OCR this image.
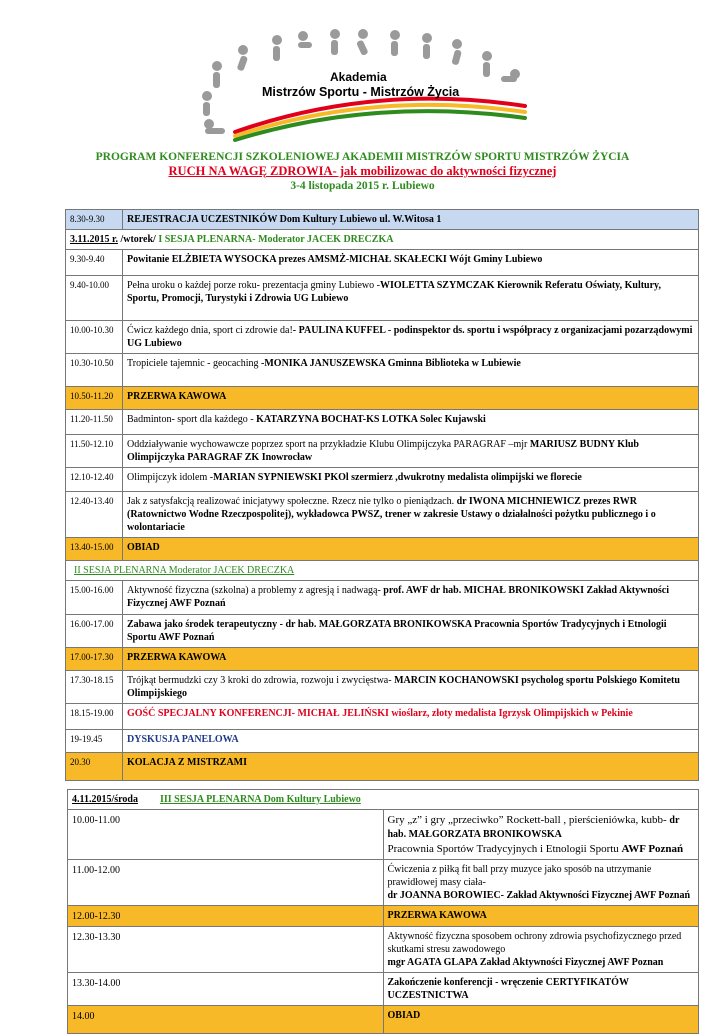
Akademia
Mistrzów Sportu - Mistrzów Życia
PROGRAM KONFERENCJI SZKOLENIOWEJ AKADEMII MISTRZÓW SPORTU MISTRZÓW ŻYCIA
RUCH NA WAGĘ ZDROWIA- jak mobilizowac do aktywności fizycznej
3-4 listopada 2015 r. Lubiewo
8.30-9.30	REJESTRACJA UCZESTNIKÓW Dom Kultury Lubiewo ul. W.Witosa 1
3.11.2015 r. /wtorek/ I SESJA PLENARNA- Moderator JACEK DRECZKA	
9.30-9.40	Powitanie ELŻBIETA WYSOCKA prezes AMSMŻ-MICHAŁ SKAŁECKI Wójt Gminy Lubiewo
9.40-10.00	Pełna uroku o każdej porze roku- prezentacja gminy Lubiewo -WIOLETTA SZYMCZAK Kierownik Referatu Oświaty, Kultury, Sportu, Promocji, Turystyki i Zdrowia UG Lubiewo
10.00-10.30	Ćwicz każdego dnia, sport ci zdrowie da!- PAULINA KUFFEL - podinspektor ds. sportu i współpracy z organizacjami pozarządowymi UG Lubiewo
10.30-10.50	Tropiciele tajemnic - geocaching -MONIKA JANUSZEWSKA Gminna Biblioteka w Lubiewie
10.50-11.20	PRZERWA KAWOWA
11.20-11.50	Badminton- sport dla każdego - KATARZYNA BOCHAT-KS LOTKA Solec Kujawski
11.50-12.10	Oddziaływanie wychowawcze poprzez sport na przykładzie Klubu Olimpijczyka PARAGRAF –mjr MARIUSZ BUDNY Klub Olimpijczyka PARAGRAF ZK Inowrocław
12.10-12.40	Olimpijczyk idolem -MARIAN SYPNIEWSKI PKOl szermierz ,dwukrotny medalista olimpijski we florecie
12.40-13.40	Jak z satysfakcją realizować inicjatywy społeczne. Rzecz nie tylko o pieniądzach. dr IWONA MICHNIEWICZ prezes RWR (Ratownictwo Wodne Rzeczpospolitej), wykładowca PWSZ, trener w zakresie Ustawy o działalności pożytku publicznego i o wolontariacie
13.40-15.00	OBIAD
II SESJA PLENARNA Moderator JACEK DRECZKA	
15.00-16.00	Aktywność fizyczna (szkolna) a problemy z agresją i nadwagą- prof. AWF dr hab. MICHAŁ BRONIKOWSKI Zakład Aktywności Fizycznej AWF Poznań
16.00-17.00	Zabawa jako środek terapeutyczny - dr hab. MAŁGORZATA BRONIKOWSKA Pracownia Sportów Tradycyjnych i Etnologii Sportu AWF Poznań
17.00-17.30	PRZERWA KAWOWA
17.30-18.15	Trójkąt bermudzki czy 3 kroki do zdrowia, rozwoju i zwycięstwa- MARCIN KOCHANOWSKI psycholog sportu Polskiego Komitetu Olimpijskiego
18.15-19.00	GOŚĆ SPECJALNY KONFERENCJI- MICHAŁ JELIŃSKI wioślarz, złoty medalista Igrzysk Olimpijskich w Pekinie
19-19.45	DYSKUSJA PANELOWA
20.30	KOLACJA Z MISTRZAMI
4.11.2015/środa III SESJA PLENARNA Dom Kultury Lubiewo	
10.00-11.00	Gry „z” i gry „przeciwko” Rockett-ball , pierścieniówka, kubb- dr hab. MAŁGORZATA BRONIKOWSKA
Pracownia Sportów Tradycyjnych i Etnologii Sportu AWF Poznań
11.00-12.00	Ćwiczenia z piłką fit ball przy muzyce jako sposób na utrzymanie prawidłowej masy ciała-
dr JOANNA BOROWIEC- Zakład Aktywności Fizycznej AWF Poznań
12.00-12.30	PRZERWA KAWOWA
12.30-13.30	Aktywność fizyczna sposobem ochrony zdrowia psychofizycznego przed skutkami stresu zawodowego
mgr AGATA GLAPA Zakład Aktywności Fizycznej AWF Poznan
13.30-14.00	Zakończenie konferencji - wręczenie CERTYFIKATÓW UCZESTNICTWA
14.00	OBIAD
